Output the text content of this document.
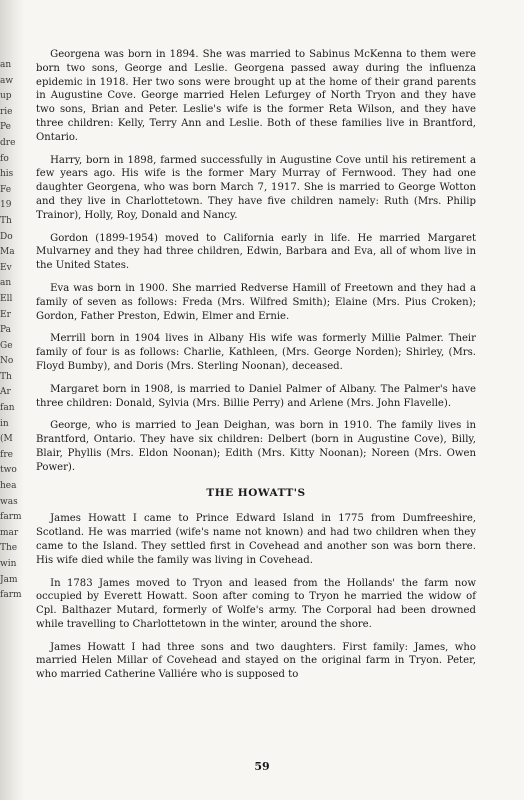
an
aw
up
rie
Pe
dre
fo
his
Fe
19
Th
Do
Ma
Ev
an
Ell
Er
Pa
Ge
No
Th
Ar
fan
in
(M
fre
two
hea
was
farm
mar
The
win
Jam
farm

Georgena was born in 1894. She was married to Sabinus McKenna to them were born two sons, George and Leslie. Georgena passed away during the influenza epidemic in 1918. Her two sons were brought up at the home of their grand parents in Augustine Cove. George married Helen Lefurgey of North Tryon and they have two sons, Brian and Peter. Leslie's wife is the former Reta Wilson, and they have three children: Kelly, Terry Ann and Leslie. Both of these families live in Brantford, Ontario.

Harry, born in 1898, farmed successfully in Augustine Cove until his retirement a few years ago. His wife is the former Mary Murray of Fernwood. They had one daughter Georgena, who was born March 7, 1917. She is married to George Wotton and they live in Charlottetown. They have five children namely: Ruth (Mrs. Philip Trainor), Holly, Roy, Donald and Nancy.

Gordon (1899-1954) moved to California early in life. He married Margaret Mulvarney and they had three children, Edwin, Barbara and Eva, all of whom live in the United States.

Eva was born in 1900. She married Redverse Hamill of Freetown and they had a family of seven as follows: Freda (Mrs. Wilfred Smith); Elaine (Mrs. Pius Croken); Gordon, Father Preston, Edwin, Elmer and Ernie.

Merrill born in 1904 lives in Albany His wife was formerly Millie Palmer. Their family of four is as follows: Charlie, Kathleen, (Mrs. George Norden); Shirley, (Mrs. Floyd Bumby), and Doris (Mrs. Sterling Noonan), deceased.

Margaret born in 1908, is married to Daniel Palmer of Albany. The Palmer's have three children: Donald, Sylvia (Mrs. Billie Perry) and Arlene (Mrs. John Flavelle).

George, who is married to Jean Deighan, was born in 1910. The family lives in Brantford, Ontario. They have six children: Delbert (born in Augustine Cove), Billy, Blair, Phyllis (Mrs. Eldon Noonan); Edith (Mrs. Kitty Noonan); Noreen (Mrs. Owen Power).

THE HOWATT'S

James Howatt I came to Prince Edward Island in 1775 from Dumfreeshire, Scotland. He was married (wife's name not known) and had two children when they came to the Island. They settled first in Covehead and another son was born there. His wife died while the family was living in Covehead.

In 1783 James moved to Tryon and leased from the Hollands' the farm now occupied by Everett Howatt. Soon after coming to Tryon he married the widow of Cpl. Balthazer Mutard, formerly of Wolfe's army. The Corporal had been drowned while travelling to Charlottetown in the winter, around the shore.

James Howatt I had three sons and two daughters. First family: James, who married Helen Millar of Covehead and stayed on the original farm in Tryon. Peter, who married Catherine Valliére who is supposed to

59
